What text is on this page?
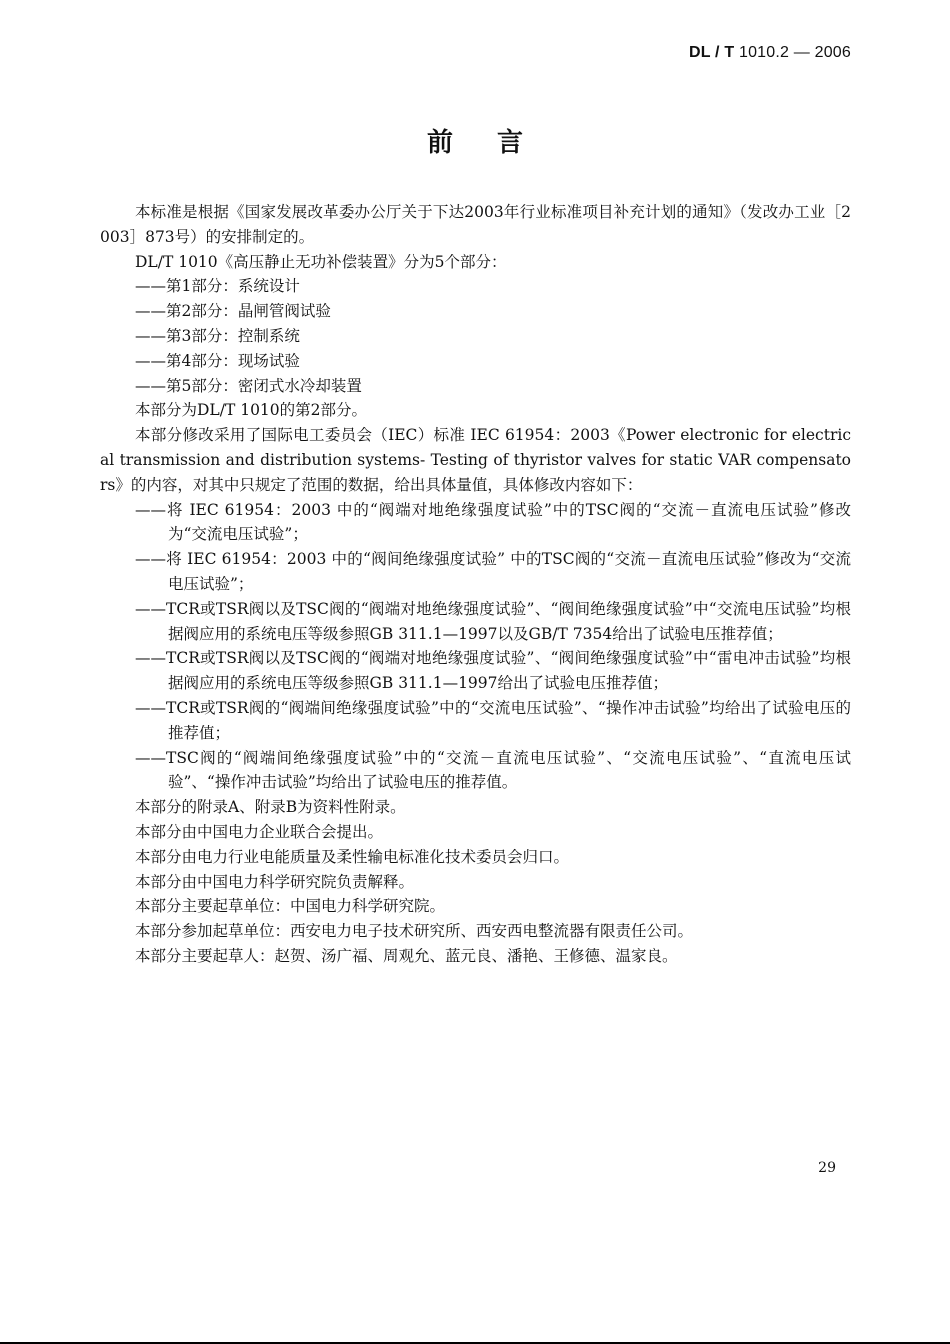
DL / T 1010.2 — 2006
前言

本标准是根据《国家发展改革委办公厅关于下达2003年行业标准项目补充计划的通知》（发改办工业［2003］873号）的安排制定的。

DL/T 1010《高压静止无功补偿装置》分为5个部分：

——第1部分：系统设计

——第2部分：晶闸管阀试验

——第3部分：控制系统

——第4部分：现场试验

——第5部分：密闭式水冷却装置

本部分为DL/T 1010的第2部分。

本部分修改采用了国际电工委员会（IEC）标准 IEC 61954：2003《Power electronic for electrical transmission and distribution systems- Testing of thyristor valves for static VAR compensators》的内容，对其中只规定了范围的数据，给出具体量值，具体修改内容如下：

——将 IEC 61954：2003 中的“阀端对地绝缘强度试验”中的TSC阀的“交流－直流电压试验”修改为“交流电压试验”；

——将 IEC 61954：2003 中的“阀间绝缘强度试验” 中的TSC阀的“交流－直流电压试验”修改为“交流电压试验”；

——TCR或TSR阀以及TSC阀的“阀端对地绝缘强度试验”、“阀间绝缘强度试验”中“交流电压试验”均根据阀应用的系统电压等级参照GB 311.1—1997以及GB/T 7354给出了试验电压推荐值；

——TCR或TSR阀以及TSC阀的“阀端对地绝缘强度试验”、“阀间绝缘强度试验”中“雷电冲击试验”均根据阀应用的系统电压等级参照GB 311.1—1997给出了试验电压推荐值；

——TCR或TSR阀的“阀端间绝缘强度试验”中的“交流电压试验”、“操作冲击试验”均给出了试验电压的推荐值；

——TSC阀的“阀端间绝缘强度试验”中的“交流－直流电压试验”、“交流电压试验”、“直流电压试验”、“操作冲击试验”均给出了试验电压的推荐值。

本部分的附录A、附录B为资料性附录。

本部分由中国电力企业联合会提出。

本部分由电力行业电能质量及柔性输电标准化技术委员会归口。

本部分由中国电力科学研究院负责解释。

本部分主要起草单位：中国电力科学研究院。

本部分参加起草单位：西安电力电子技术研究所、西安西电整流器有限责任公司。

本部分主要起草人：赵贺、汤广福、周观允、蓝元良、潘艳、王修德、温家良。

29
